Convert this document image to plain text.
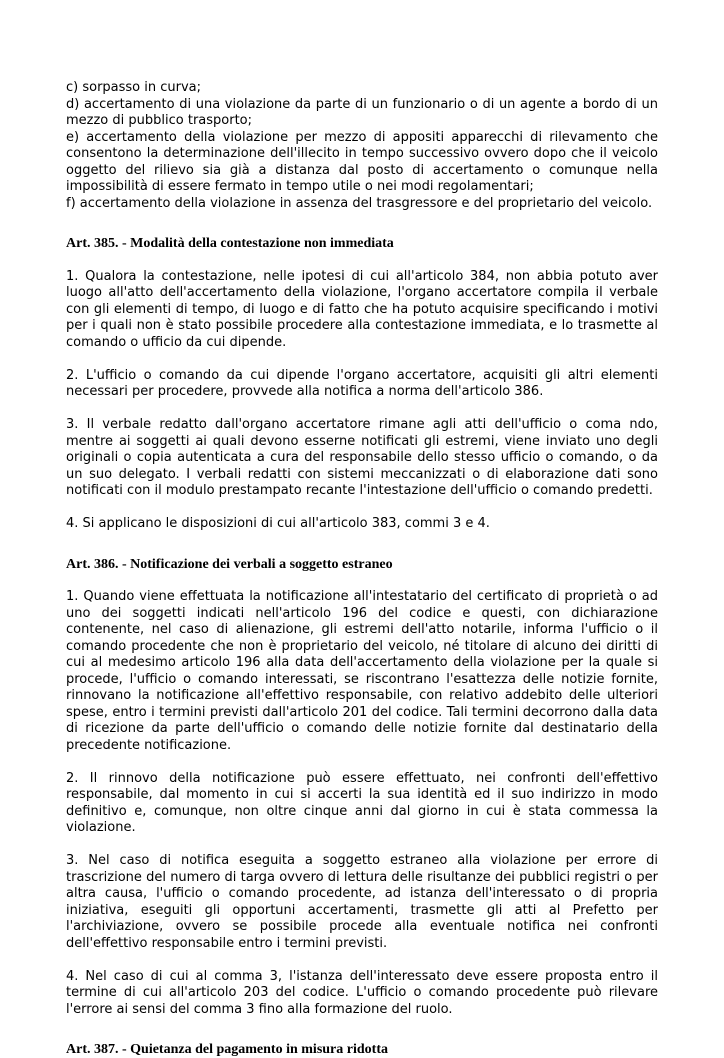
c) sorpasso in curva;

d) accertamento di una violazione da parte di un funzionario o di un agente a bordo di un mezzo di pubblico trasporto;

e) accertamento della violazione per mezzo di appositi apparecchi di rilevamento che consentono la determinazione dell'illecito in tempo successivo ovvero dopo che il veicolo oggetto del rilievo sia già a distanza dal posto di accertamento o comunque nella impossibilità di essere fermato in tempo utile o nei modi regolamentari;

f) accertamento della violazione in assenza del trasgressore e del proprietario del veicolo.

Art. 385. - Modalità della contestazione non immediata

1. Qualora la contestazione, nelle ipotesi di cui all'articolo 384, non abbia potuto aver luogo all'atto dell'accertamento della violazione, l'organo accertatore compila il verbale con gli elementi di tempo, di luogo e di fatto che ha potuto acquisire specificando i motivi per i quali non è stato possibile procedere alla contestazione immediata, e lo trasmette al comando o ufficio da cui dipende.

2. L'ufficio o comando da cui dipende l'organo accertatore, acquisiti gli altri elementi necessari per procedere, provvede alla notifica a norma dell'articolo 386.

3. Il verbale redatto dall'organo accertatore rimane agli atti dell'ufficio o coma ndo, mentre ai soggetti ai quali devono esserne notificati gli estremi, viene inviato uno degli originali o copia autenticata a cura del responsabile dello stesso ufficio o comando, o da un suo delegato. I verbali redatti con sistemi meccanizzati o di elaborazione dati sono notificati con il modulo prestampato recante l'intestazione dell'ufficio o comando predetti.

4. Si applicano le disposizioni di cui all'articolo 383, commi 3 e 4.

Art. 386. - Notificazione dei verbali a soggetto estraneo

1. Quando viene effettuata la notificazione all'intestatario del certificato di proprietà o ad uno dei soggetti indicati nell'articolo 196 del codice e questi, con dichiarazione contenente, nel caso di alienazione, gli estremi dell'atto notarile, informa l'ufficio o il comando procedente che non è proprietario del veicolo, né titolare di alcuno dei diritti di cui al medesimo articolo 196 alla data dell'accertamento della violazione per la quale si procede, l'ufficio o comando interessati, se riscontrano l'esattezza delle notizie fornite, rinnovano la notificazione all'effettivo responsabile, con relativo addebito delle ulteriori spese, entro i termini previsti dall'articolo 201 del codice. Tali termini decorrono dalla data di ricezione da parte dell'ufficio o comando delle notizie fornite dal destinatario della precedente notificazione.

2. Il rinnovo della notificazione può essere effettuato, nei confronti dell'effettivo responsabile, dal momento in cui si accerti la sua identità ed il suo indirizzo in modo definitivo e, comunque, non oltre cinque anni dal giorno in cui è stata commessa la violazione.

3. Nel caso di notifica eseguita a soggetto estraneo alla violazione per errore di trascrizione del numero di targa ovvero di lettura delle risultanze dei pubblici registri o per altra causa, l'ufficio o comando procedente, ad istanza dell'interessato o di propria iniziativa, eseguiti gli opportuni accertamenti, trasmette gli atti al Prefetto per l'archiviazione, ovvero se possibile procede alla eventuale notifica nei confronti dell'effettivo responsabile entro i termini previsti.

4. Nel caso di cui al comma 3, l'istanza dell'interessato deve essere proposta entro il termine di cui all'articolo 203 del codice. L'ufficio o comando procedente può rilevare l'errore ai sensi del comma 3 fino alla formazione del ruolo.

Art. 387. - Quietanza del pagamento in misura ridotta
